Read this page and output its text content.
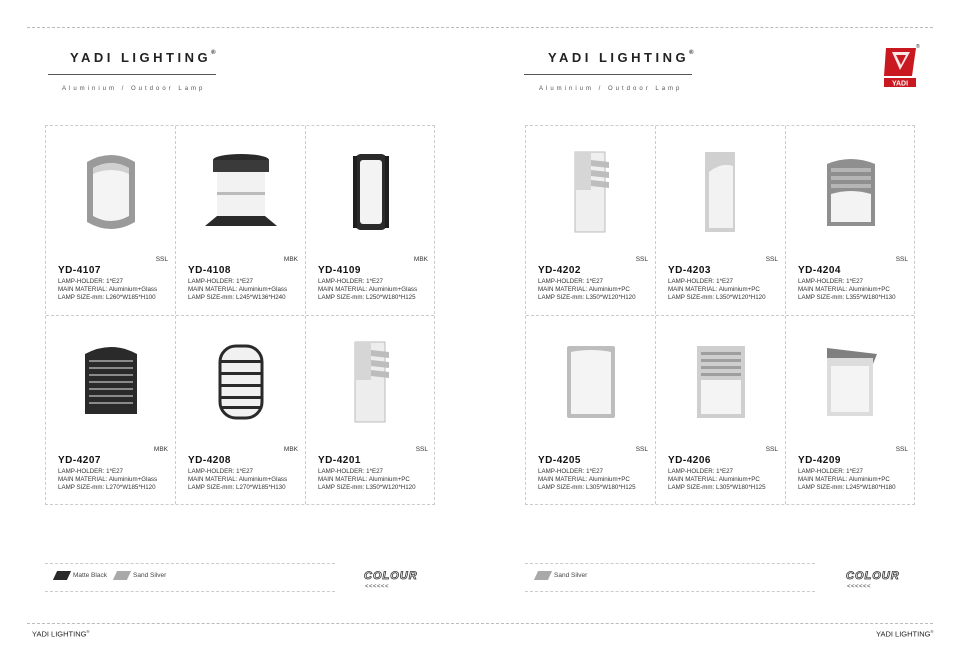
YADI LIGHTING®
Aluminium / Outdoor Lamp
YADI LIGHTING®
Aluminium / Outdoor Lamp
YADI
®
SSL
YD-4107
LAMP-HOLDER: 1*E27
MAIN MATERIAL: Aluminium+Glass
LAMP SIZE-mm: L260*W185*H100
MBK
YD-4108
LAMP-HOLDER: 1*E27
MAIN MATERIAL: Aluminium+Glass
LAMP SIZE-mm: L245*W136*H240
MBK
YD-4109
LAMP-HOLDER: 1*E27
MAIN MATERIAL: Aluminium+Glass
LAMP SIZE-mm: L250*W180*H125
MBK
YD-4207
LAMP-HOLDER: 1*E27
MAIN MATERIAL: Aluminium+Glass
LAMP SIZE-mm: L270*W185*H120
MBK
YD-4208
LAMP-HOLDER: 1*E27
MAIN MATERIAL: Aluminium+Glass
LAMP SIZE-mm: L270*W185*H130
SSL
YD-4201
LAMP-HOLDER: 1*E27
MAIN MATERIAL: Aluminium+PC
LAMP SIZE-mm: L350*W120*H120
SSL
YD-4202
LAMP-HOLDER: 1*E27
MAIN MATERIAL: Aluminium+PC
LAMP SIZE-mm: L350*W120*H120
SSL
YD-4203
LAMP-HOLDER: 1*E27
MAIN MATERIAL: Aluminium+PC
LAMP SIZE-mm: L350*W120*H120
SSL
YD-4204
LAMP-HOLDER: 1*E27
MAIN MATERIAL: Aluminium+PC
LAMP SIZE-mm: L355*W180*H130
SSL
YD-4205
LAMP-HOLDER: 1*E27
MAIN MATERIAL: Aluminium+PC
LAMP SIZE-mm: L305*W180*H125
SSL
YD-4206
LAMP-HOLDER: 1*E27
MAIN MATERIAL: Aluminium+PC
LAMP SIZE-mm: L305*W180*H125
SSL
YD-4209
LAMP-HOLDER: 1*E27
MAIN MATERIAL: Aluminium+PC
LAMP SIZE-mm: L245*W180*H180
Matte Black	Sand Silver	COLOUR
<<<<<<
Sand Silver	COLOUR
<<<<<<
YADI LIGHTING®	YADI LIGHTING®
